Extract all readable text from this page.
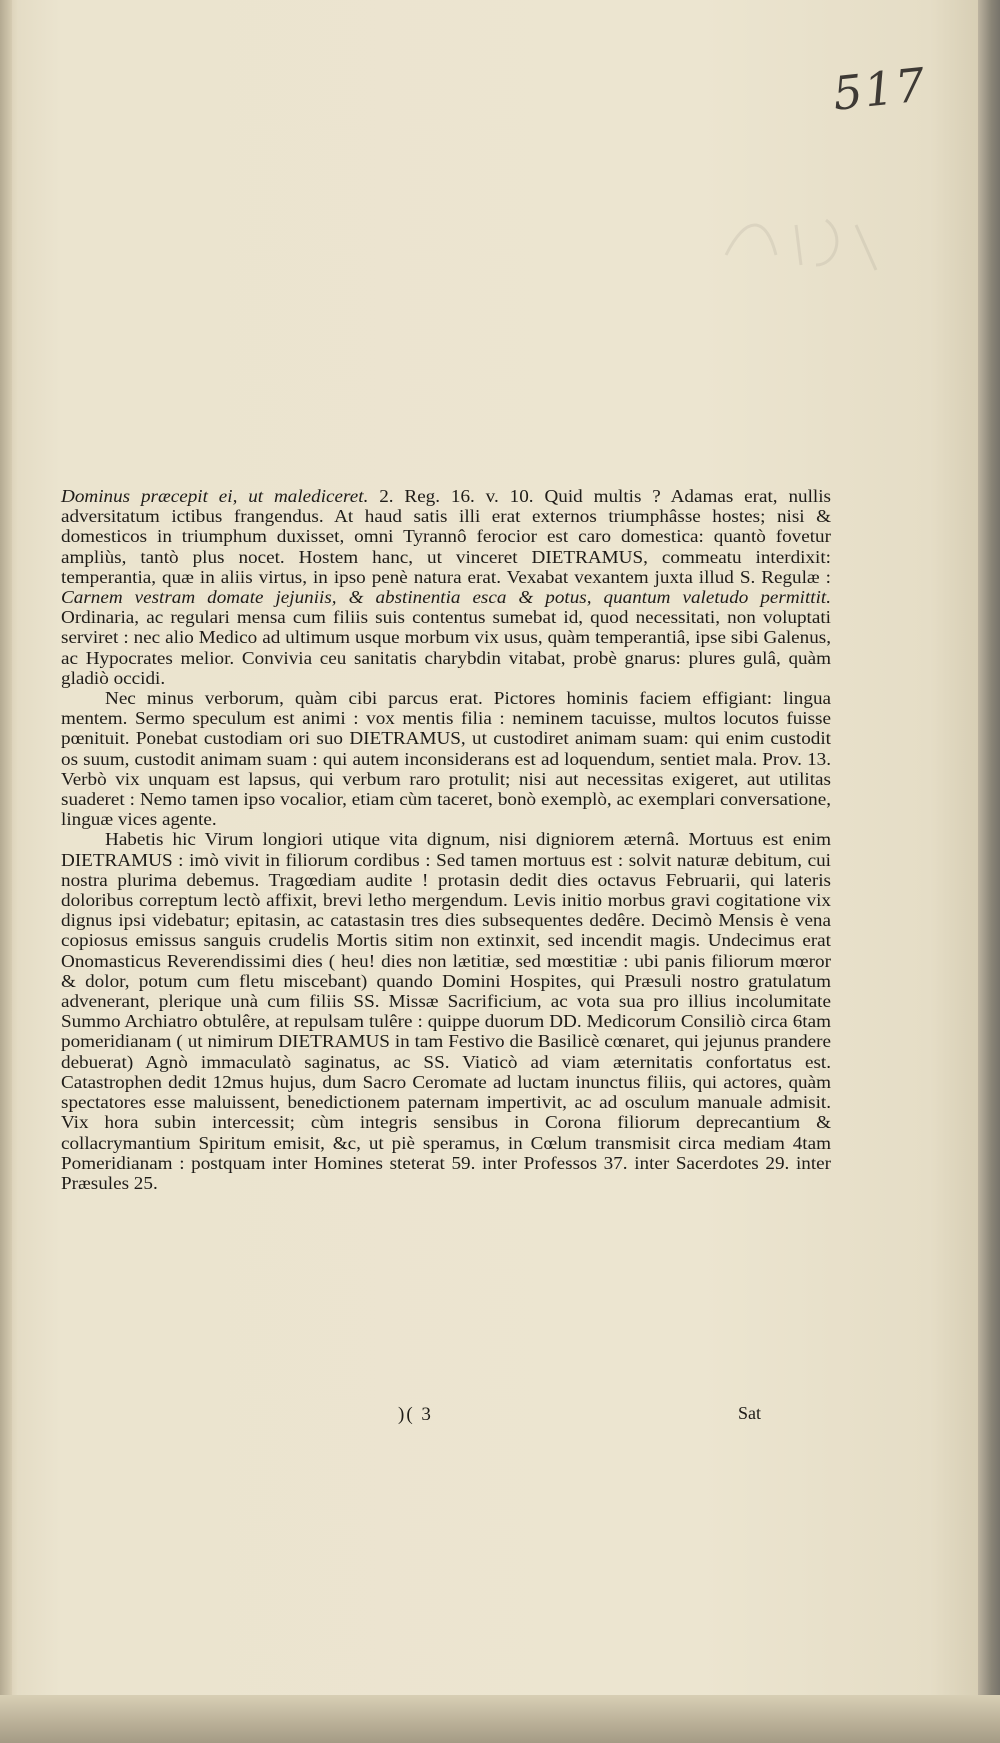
517

Dominus præcepit ei, ut malediceret. 2. Reg. 16. v. 10. Quid multis ? Adamas erat, nullis adversitatum ictibus frangendus. At haud satis illi erat externos triumphâsse hostes; nisi & domesticos in triumphum duxisset, omni Tyrannô ferocior est caro domestica: quantò fovetur ampliùs, tantò plus nocet. Hostem hanc, ut vinceret DIETRAMUS, commeatu interdixit: temperantia, quæ in aliis virtus, in ipso penè natura erat. Vexabat vexantem juxta illud S. Regulæ : Carnem vestram domate jejuniis, & abstinentia esca & potus, quantum valetudo permittit. Ordinaria, ac regulari mensa cum filiis suis contentus sumebat id, quod necessitati, non voluptati serviret : nec alio Medico ad ultimum usque morbum vix usus, quàm temperantiâ, ipse sibi Galenus, ac Hypocrates melior. Convivia ceu sanitatis charybdin vitabat, probè gnarus: plures gulâ, quàm gladiò occidi.

Nec minus verborum, quàm cibi parcus erat. Pictores hominis faciem effigiant: lingua mentem. Sermo speculum est animi : vox mentis filia : neminem tacuisse, multos locutos fuisse pœnituit. Ponebat custodiam ori suo DIETRAMUS, ut custodiret animam suam: qui enim custodit os suum, custodit animam suam : qui autem inconsiderans est ad loquendum, sentiet mala. Prov. 13. Verbò vix unquam est lapsus, qui verbum raro protulit; nisi aut necessitas exigeret, aut utilitas suaderet : Nemo tamen ipso vocalior, etiam cùm taceret, bonò exemplò, ac exemplari conversatione, linguæ vices agente.

Habetis hic Virum longiori utique vita dignum, nisi digniorem æternâ. Mortuus est enim DIETRAMUS : imò vivit in filiorum cordibus : Sed tamen mortuus est : solvit naturæ debitum, cui nostra plurima debemus. Tragœdiam audite ! protasin dedit dies octavus Februarii, qui lateris doloribus correptum lectò affixit, brevi letho mergendum. Levis initio morbus gravi cogitatione vix dignus ipsi videbatur; epitasin, ac catastasin tres dies subsequentes dedêre. Decimò Mensis è vena copiosus emissus sanguis crudelis Mortis sitim non extinxit, sed incendit magis. Undecimus erat Onomasticus Reverendissimi dies ( heu! dies non lætitiæ, sed mœstitiæ : ubi panis filiorum mœror & dolor, potum cum fletu miscebant) quando Domini Hospites, qui Præsuli nostro gratulatum advenerant, plerique unà cum filiis SS. Missæ Sacrificium, ac vota sua pro illius incolumitate Summo Archiatro obtulêre, at repulsam tulêre : quippe duorum DD. Medicorum Consiliò circa 6tam pomeridianam ( ut nimirum DIETRAMUS in tam Festivo die Basilicè cœnaret, qui jejunus prandere debuerat) Agnò immaculatò saginatus, ac SS. Viaticò ad viam æternitatis confortatus est. Catastrophen dedit 12mus hujus, dum Sacro Ceromate ad luctam inunctus filiis, qui actores, quàm spectatores esse maluissent, benedictionem paternam impertivit, ac ad osculum manuale admisit. Vix hora subin intercessit; cùm integris sensibus in Corona filiorum deprecantium & collacrymantium Spiritum emisit, &c, ut piè speramus, in Cœlum transmisit circa mediam 4tam Pomeridianam : postquam inter Homines steterat 59. inter Professos 37. inter Sacerdotes 29. inter Præsules 25.

)( 3	Sat
